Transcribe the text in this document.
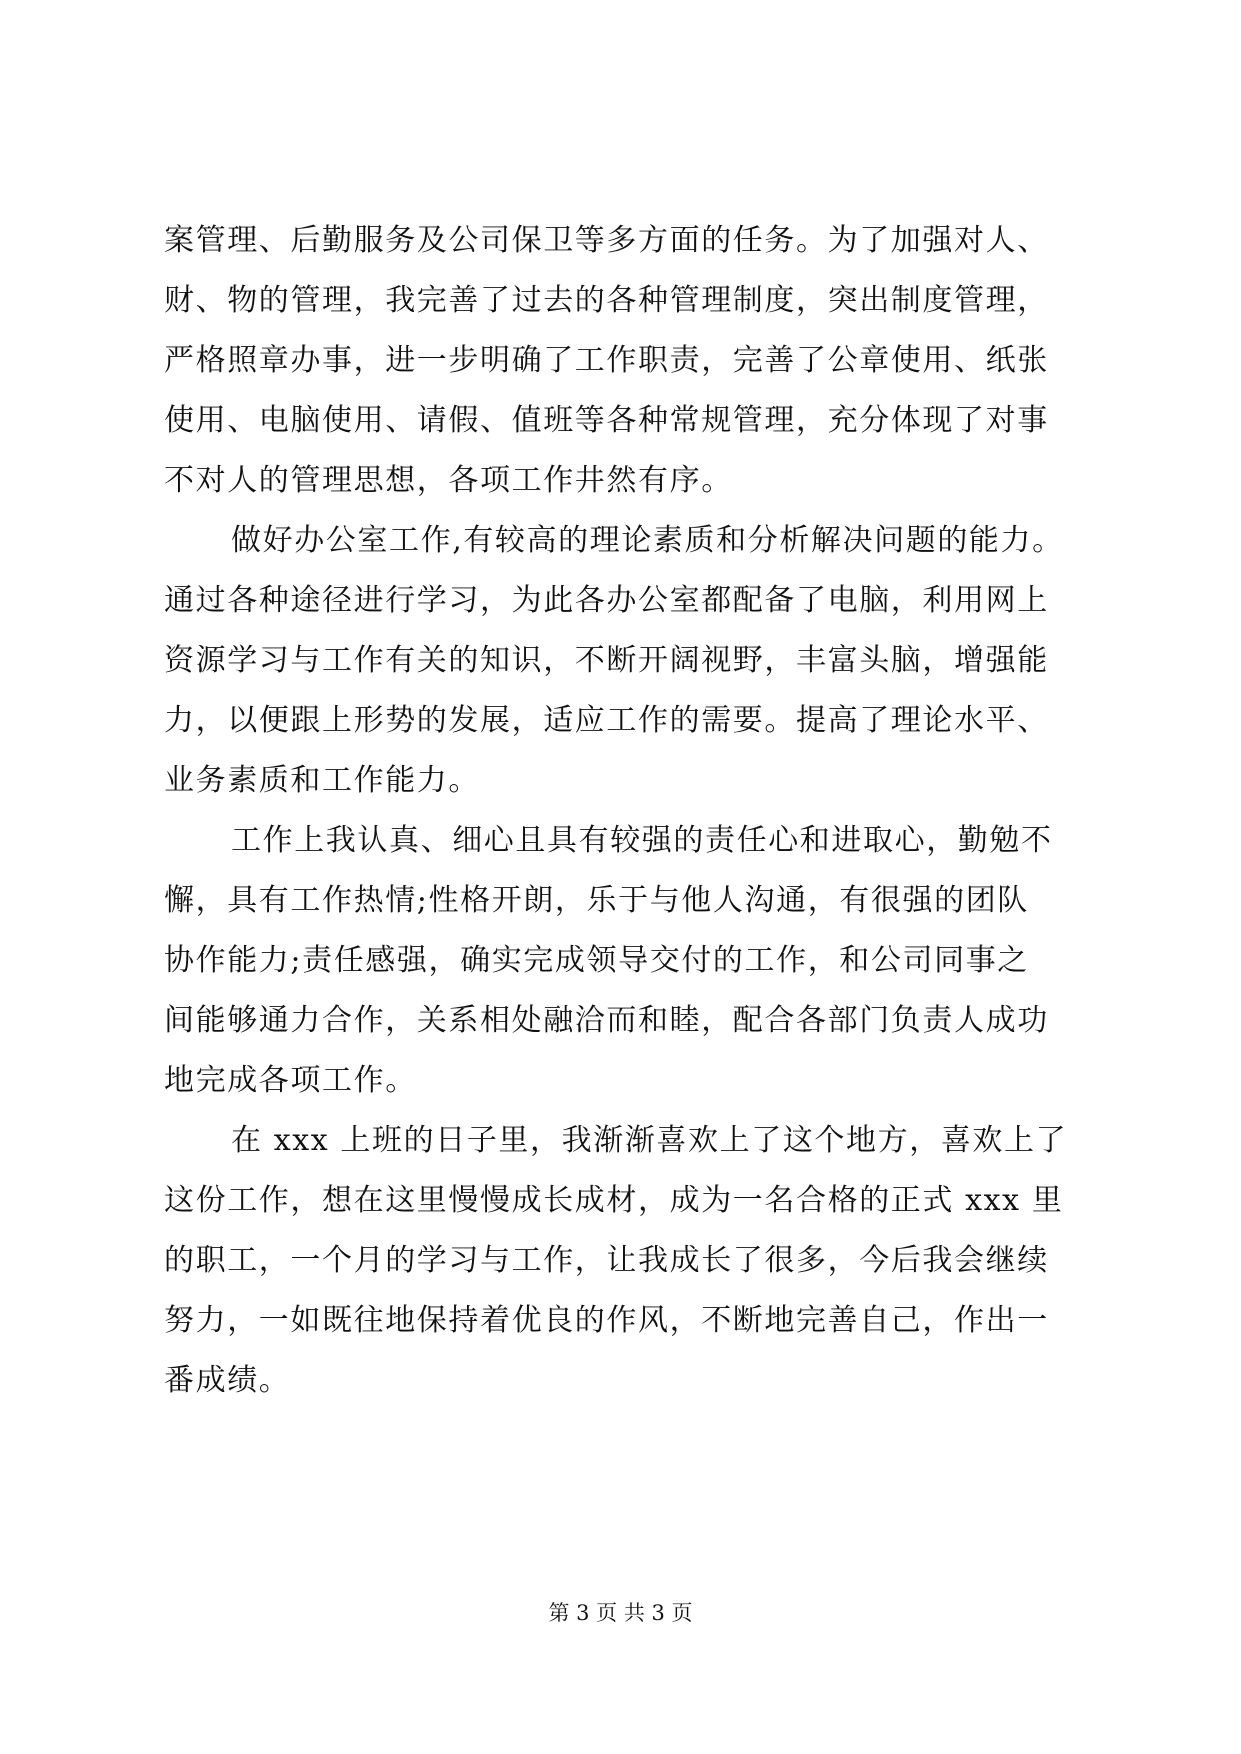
案管理、后勤服务及公司保卫等多方面的任务。为了加强对人、
财、物的管理，我完善了过去的各种管理制度，突出制度管理，
严格照章办事，进一步明确了工作职责，完善了公章使用、纸张
使用、电脑使用、请假、值班等各种常规管理，充分体现了对事
不对人的管理思想，各项工作井然有序。
做好办公室工作,有较高的理论素质和分析解决问题的能力。
通过各种途径进行学习，为此各办公室都配备了电脑，利用网上
资源学习与工作有关的知识，不断开阔视野，丰富头脑，增强能
力，以便跟上形势的发展，适应工作的需要。提高了理论水平、
业务素质和工作能力。
工作上我认真、细心且具有较强的责任心和进取心，勤勉不
懈，具有工作热情;性格开朗，乐于与他人沟通，有很强的团队
协作能力;责任感强，确实完成领导交付的工作，和公司同事之
间能够通力合作，关系相处融洽而和睦，配合各部门负责人成功
地完成各项工作。
在 xxx 上班的日子里，我渐渐喜欢上了这个地方，喜欢上了
这份工作，想在这里慢慢成长成材，成为一名合格的正式 xxx 里
的职工，一个月的学习与工作，让我成长了很多，今后我会继续
努力，一如既往地保持着优良的作风，不断地完善自己，作出一
番成绩。
第 3 页 共 3 页
